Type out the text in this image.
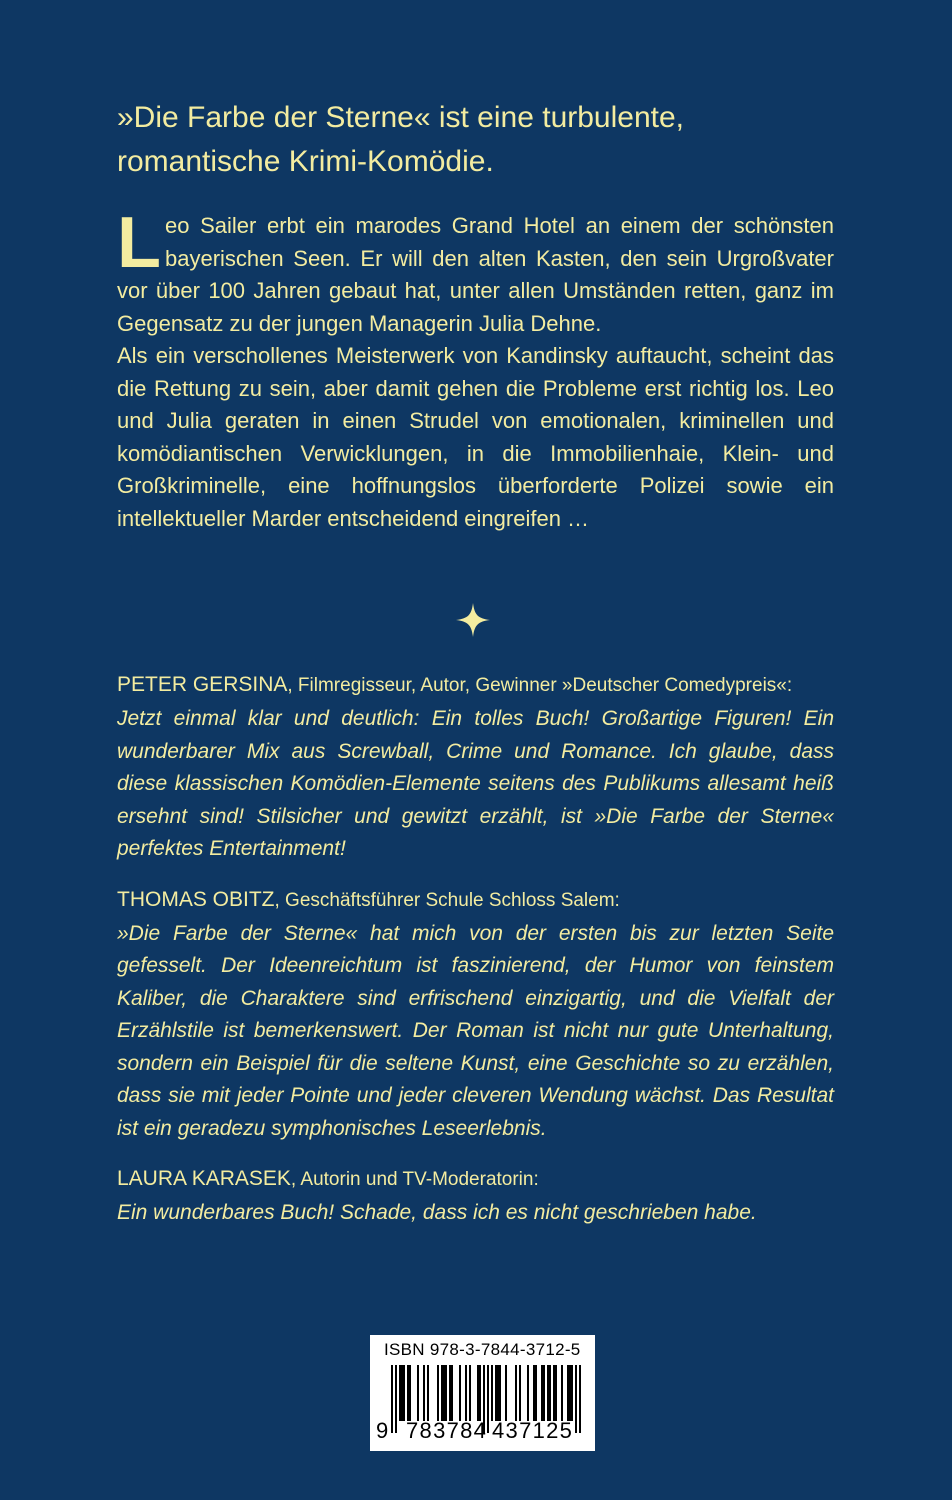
»Die Farbe der Sterne« ist eine turbulente, romantische Krimi-Komödie.

Leo Sailer erbt ein marodes Grand Hotel an einem der schönsten bayerischen Seen. Er will den alten Kasten, den sein Urgroßvater vor über 100 Jahren gebaut hat, unter allen Umständen retten, ganz im Gegensatz zu der jungen Managerin Julia Dehne.

Als ein verschollenes Meisterwerk von Kandinsky auftaucht, scheint das die Rettung zu sein, aber damit gehen die Probleme erst richtig los. Leo und Julia geraten in einen Strudel von emotionalen, kriminellen und komödiantischen Verwicklungen, in die Immobilienhaie, Klein- und Großkriminelle, eine hoffnungslos überforderte Polizei sowie ein intellektueller Marder entscheidend eingreifen …

PETER GERSINA, Filmregisseur, Autor, Gewinner »Deutscher Comedypreis«:

Jetzt einmal klar und deutlich: Ein tolles Buch! Großartige Figuren! Ein wunderbarer Mix aus Screwball, Crime und Romance. Ich glaube, dass diese klassischen Komödien-Elemente seitens des Publikums allesamt heiß ersehnt sind! Stilsicher und gewitzt erzählt, ist »Die Farbe der Sterne« perfektes Entertainment!

THOMAS OBITZ, Geschäftsführer Schule Schloss Salem:

»Die Farbe der Sterne« hat mich von der ersten bis zur letzten Seite gefesselt. Der Ideenreichtum ist faszinierend, der Humor von feinstem Kaliber, die Charaktere sind erfrischend einzigartig, und die Vielfalt der Erzählstile ist bemerkenswert. Der Roman ist nicht nur gute Unterhaltung, sondern ein Beispiel für die seltene Kunst, eine Geschichte so zu erzählen, dass sie mit jeder Pointe und jeder cleveren Wendung wächst. Das Resultat ist ein geradezu symphonisches Leseerlebnis.

LAURA KARASEK, Autorin und TV-Moderatorin:

Ein wunderbares Buch! Schade, dass ich es nicht geschrieben habe.

ISBN 978-3-7844-3712-5
9 783784 437125
